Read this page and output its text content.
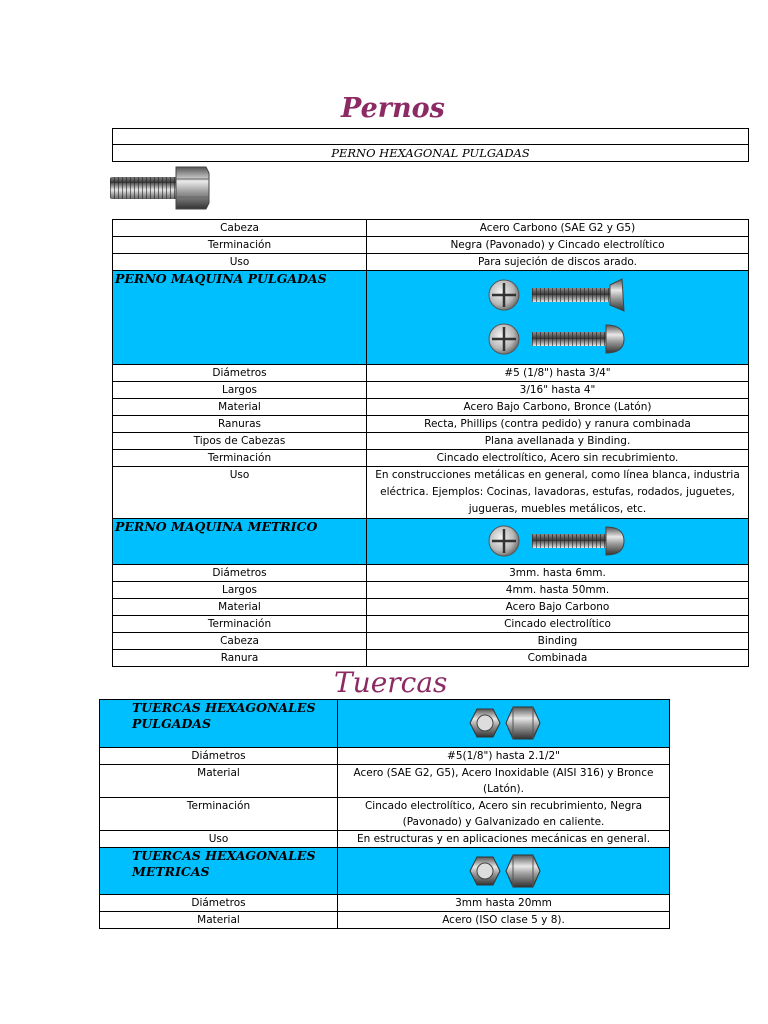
Pernos

PERNO HEXAGONAL PULGADAS
Cabeza	Acero Carbono (SAE G2 y G5)
Terminación	Negra (Pavonado) y Cincado electrolítico
Uso	Para sujeción de discos arado.
PERNO MAQUINA PULGADAS	

Diámetros	#5 (1/8") hasta 3/4"
Largos	3/16" hasta 4"
Material	Acero Bajo Carbono, Bronce (Latón)
Ranuras	Recta, Phillips (contra pedido) y ranura combinada
Tipos de Cabezas	Plana avellanada y Binding.
Terminación	Cincado electrolítico, Acero sin recubrimiento.
Uso	En construcciones metálicas en general, como línea blanca, industria eléctrica. Ejemplos: Cocinas, lavadoras, estufas, rodados, juguetes, jugueras, muebles metálicos, etc.
PERNO MAQUINA METRICO	

Diámetros	3mm. hasta 6mm.
Largos	4mm. hasta 50mm.
Material	Acero Bajo Carbono
Terminación	Cincado electrolítico
Cabeza	Binding
Ranura	Combinada
Tuercas
TUERCAS HEXAGONALES PULGADAS	

Diámetros	#5(1/8") hasta 2.1/2"
Material	Acero (SAE G2, G5), Acero Inoxidable (AISI 316) y Bronce (Latón).
Terminación	Cincado electrolítico, Acero sin recubrimiento, Negra (Pavonado) y Galvanizado en caliente.
Uso	En estructuras y en aplicaciones mecánicas en general.
TUERCAS HEXAGONALES METRICAS	

Diámetros	3mm hasta 20mm
Material	Acero (ISO clase 5 y 8).
